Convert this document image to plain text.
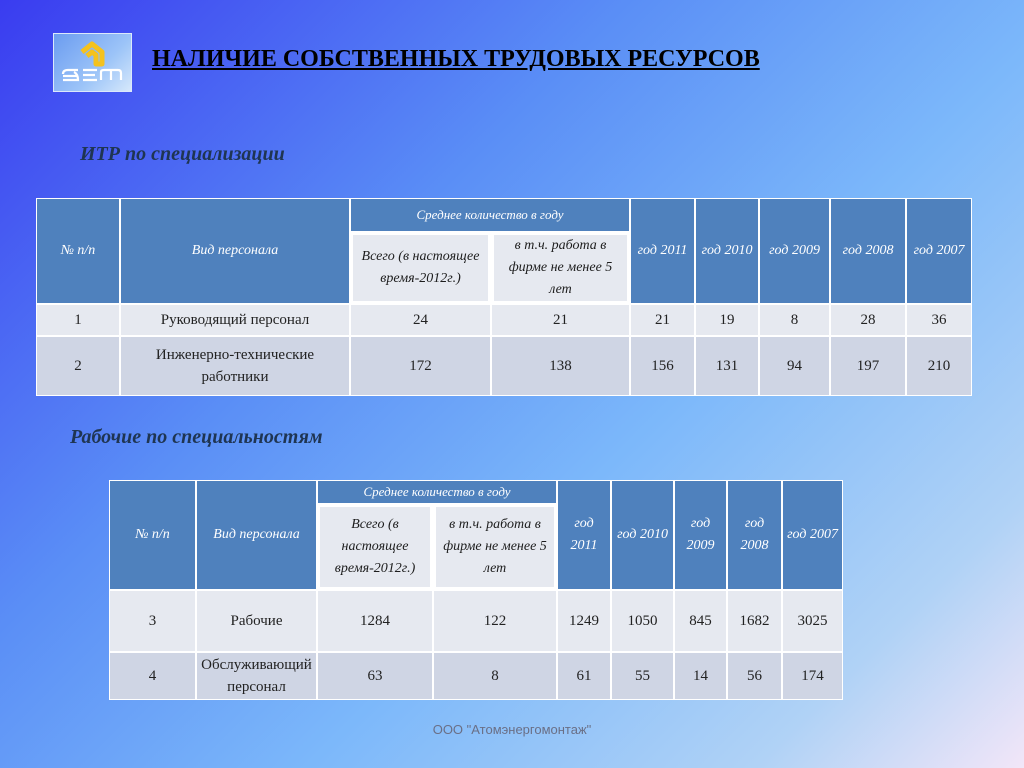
НАЛИЧИЕ СОБСТВЕННЫХ ТРУДОВЫХ РЕСУРСОВ
ИТР по специализации
№ п/п	Вид персонала	Среднее количество в году		год 2011	год 2010	год 2009	год 2008	год 2007
		Всего (в настоящее время-2012г.)	в т.ч. работа в фирме не менее 5 лет					
1	Руководящий персонал	24	21	21	19	8	28	36
2	Инженерно-технические работники	172	138	156	131	94	197	210
Рабочие по специальностям
№ п/п	Вид персонала	Среднее количество в году		год 2011	год 2010	год 2009	год 2008	год 2007
		Всего (в настоящее время-2012г.)	в т.ч. работа в фирме не менее 5 лет					
3	Рабочие	1284	122	1249	1050	845	1682	3025
4	Обслуживающий персонал	63	8	61	55	14	56	174
ООО "Атомэнергомонтаж"
